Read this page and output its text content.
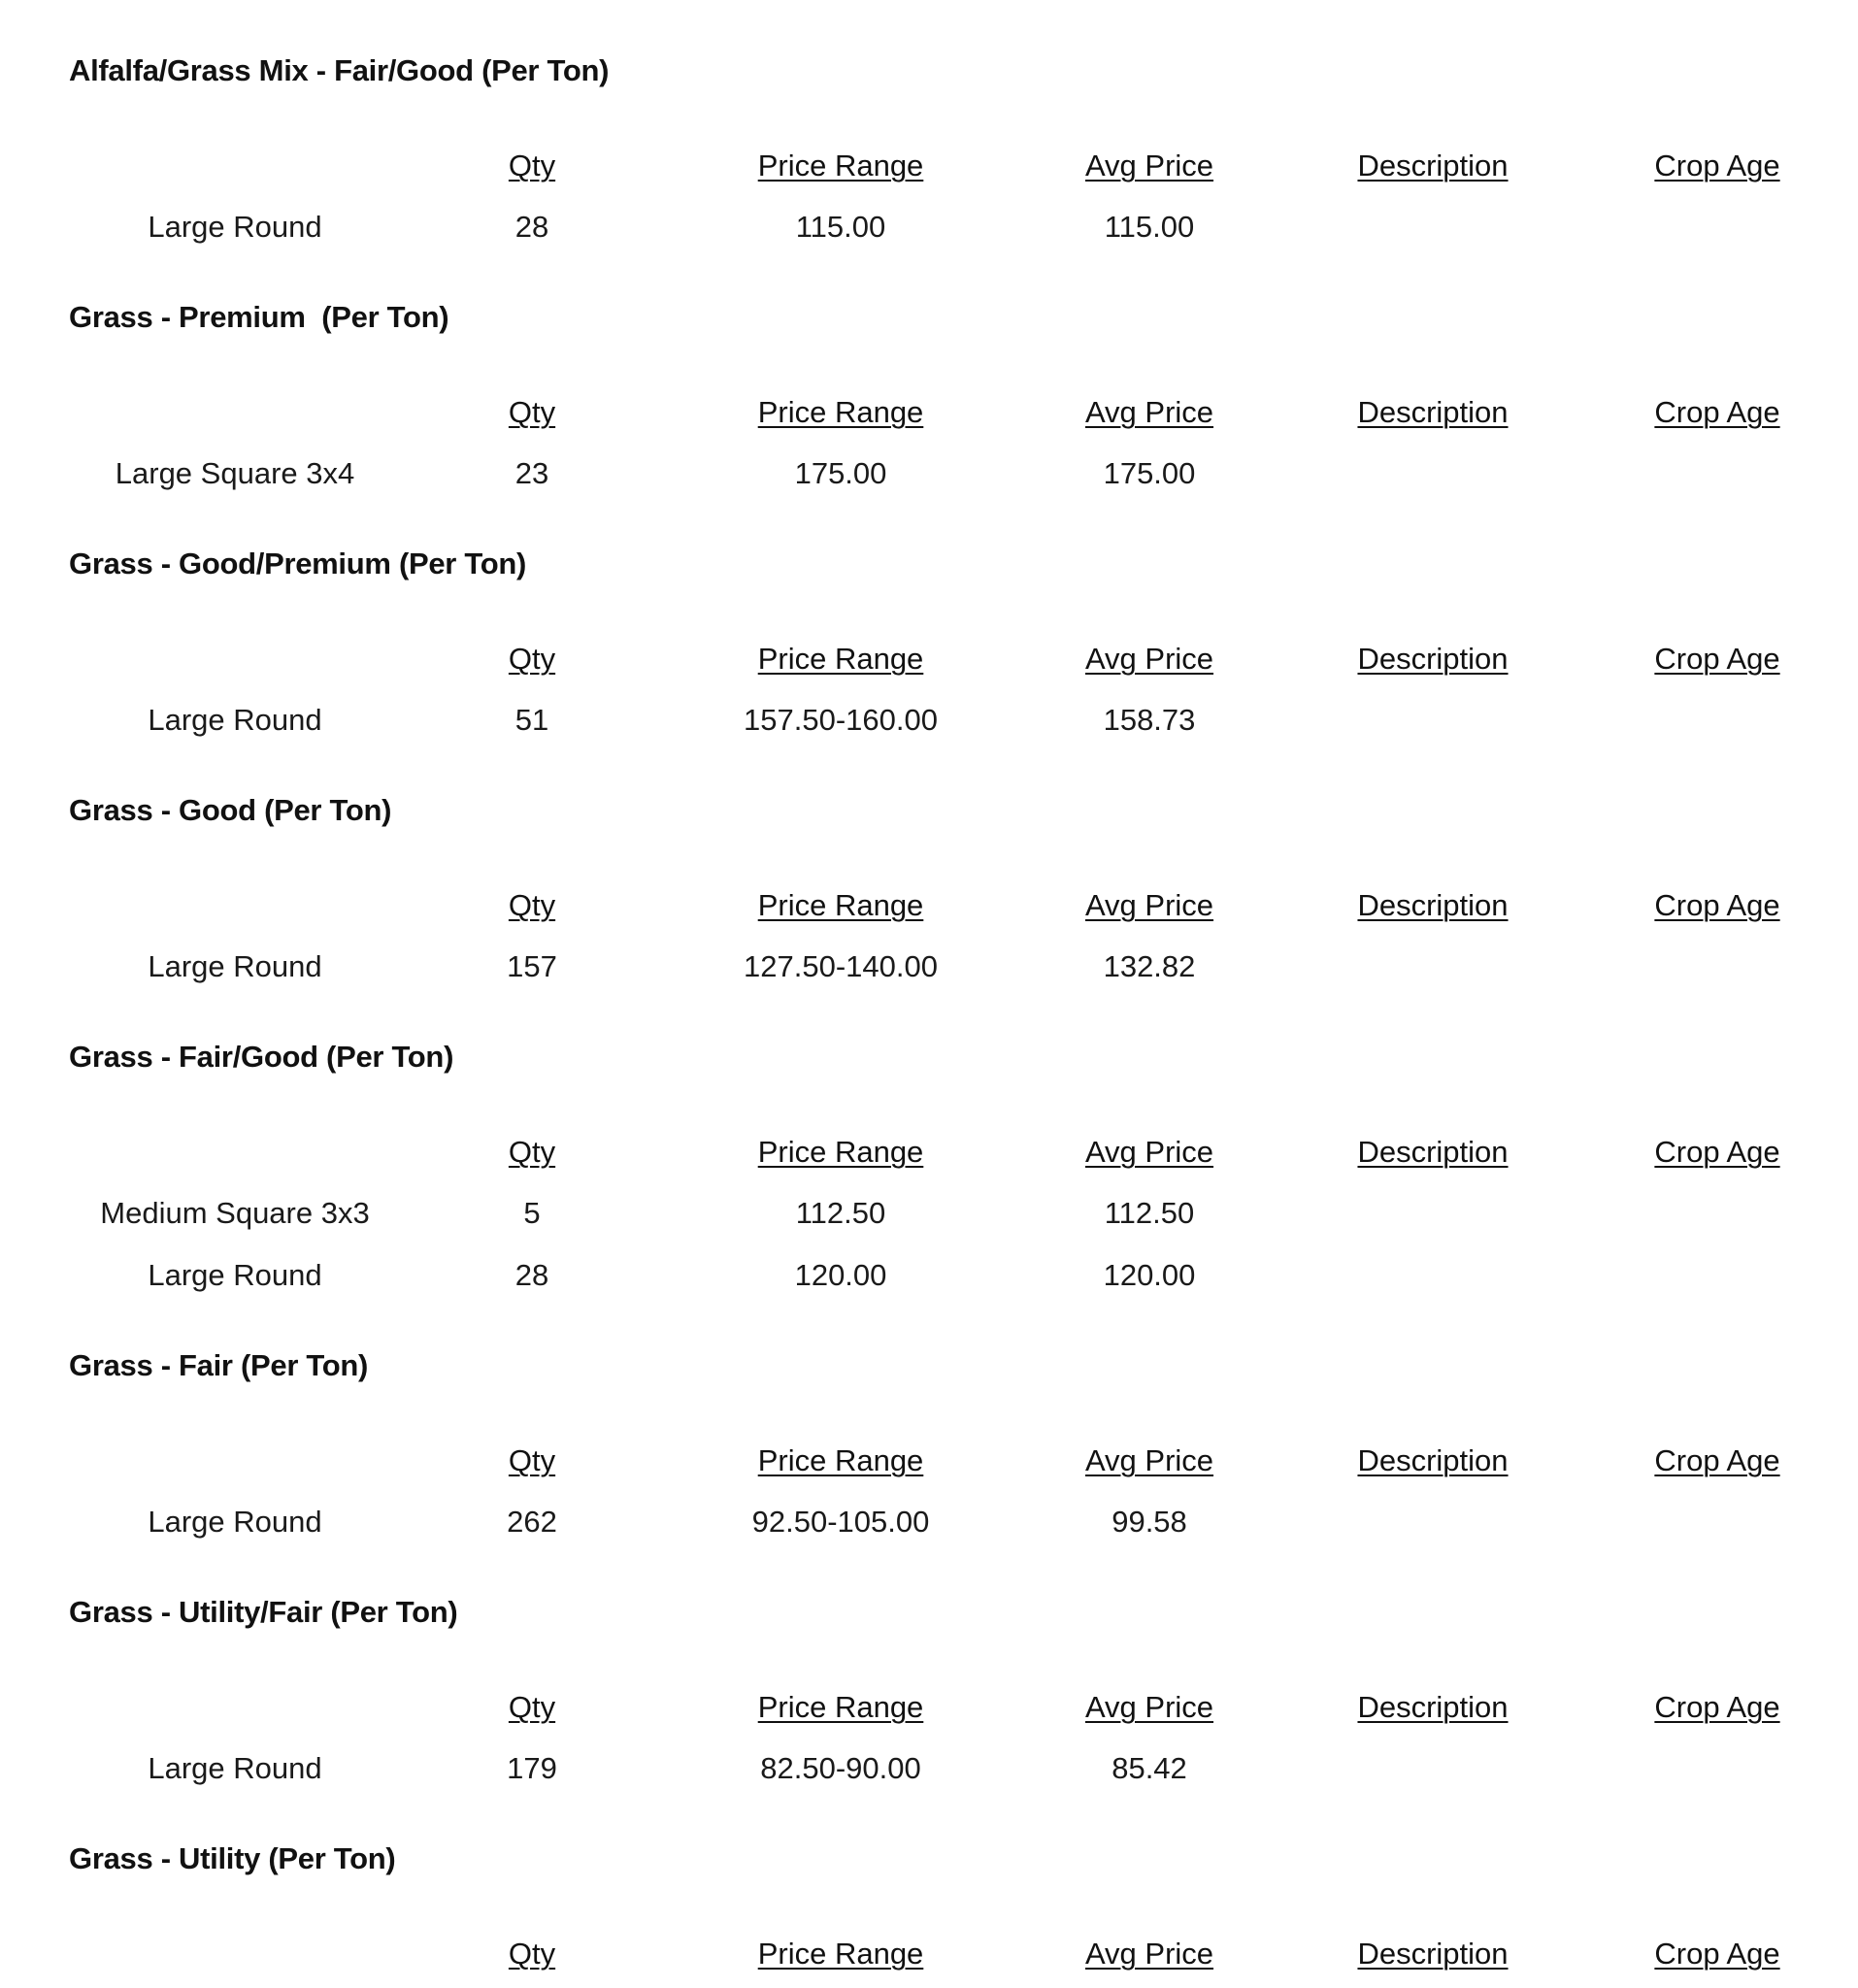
Alfalfa/Grass Mix - Fair/Good (Per Ton)
Qty	Price Range	Avg Price	Description	Crop Age
Large Round	28	115.00	115.00
Grass - Premium  (Per Ton)
Qty	Price Range	Avg Price	Description	Crop Age
Large Square 3x4	23	175.00	175.00
Grass - Good/Premium (Per Ton)
Qty	Price Range	Avg Price	Description	Crop Age
Large Round	51	157.50-160.00	158.73
Grass - Good (Per Ton)
Qty	Price Range	Avg Price	Description	Crop Age
Large Round	157	127.50-140.00	132.82
Grass - Fair/Good (Per Ton)
Qty	Price Range	Avg Price	Description	Crop Age
Medium Square 3x3	5	112.50	112.50
Large Round	28	120.00	120.00
Grass - Fair (Per Ton)
Qty	Price Range	Avg Price	Description	Crop Age
Large Round	262	92.50-105.00	99.58
Grass - Utility/Fair (Per Ton)
Qty	Price Range	Avg Price	Description	Crop Age
Large Round	179	82.50-90.00	85.42
Grass - Utility (Per Ton)
Qty	Price Range	Avg Price	Description	Crop Age
